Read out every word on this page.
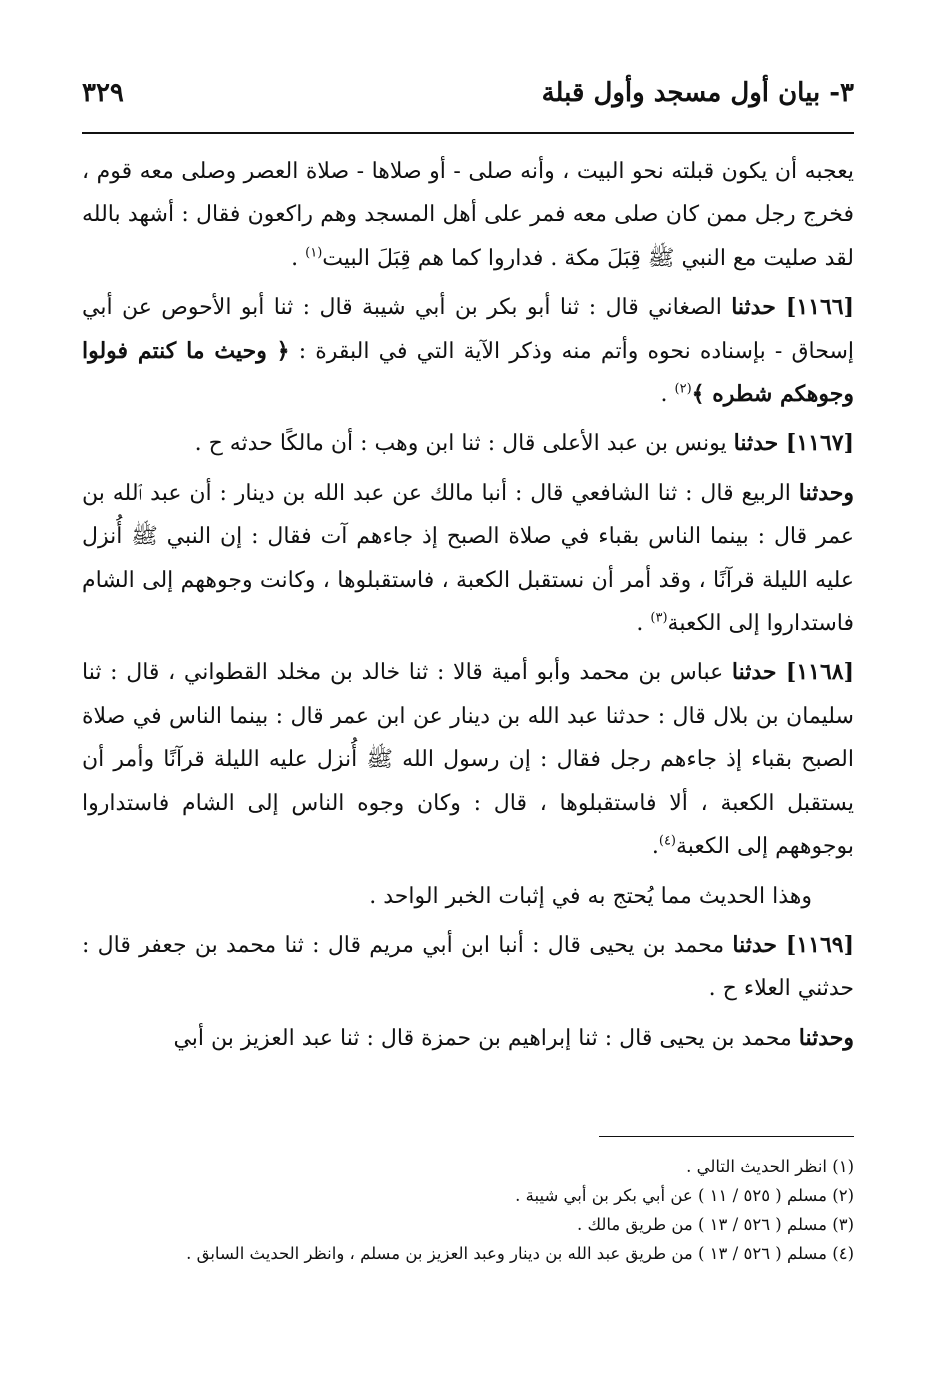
٣- بيان أول مسجد وأول قبلة
٣٢٩

يعجبه أن يكون قبلته نحو البيت ، وأنه صلى - أو صلاها - صلاة العصر وصلى معه قوم ، فخرج رجل ممن كان صلى معه فمر على أهل المسجد وهم راكعون فقال : أشهد بالله لقد صليت مع النبي ﷺ قِبَلَ مكة . فداروا كما هم قِبَلَ البيت$^{(١)}$ .

[١١٦٦] حدثنا الصغاني قال : ثنا أبو بكر بن أبي شيبة قال : ثنا أبو الأحوص عن أبي إسحاق - بإسناده نحوه وأتم منه وذكر الآية التي في البقرة : ﴿ وحيث ما كنتم فولوا وجوهكم شطره ﴾$^{(٢)}$ .

[١١٦٧] حدثنا يونس بن عبد الأعلى قال : ثنا ابن وهب : أن مالكًا حدثه ح .

وحدثنا الربيع قال : ثنا الشافعي قال : أنبا مالك عن عبد الله بن دينار : أن عبد ٱلله بن عمر قال : بينما الناس بقباء في صلاة الصبح إذ جاءهم آت فقال : إن النبي ﷺ أُنزل عليه الليلة قرآنًا ، وقد أمر أن نستقبل الكعبة ، فاستقبلوها ، وكانت وجوههم إلى الشام فاستداروا إلى الكعبة$^{(٣)}$ .

[١١٦٨] حدثنا عباس بن محمد وأبو أمية قالا : ثنا خالد بن مخلد القطواني ، قال : ثنا سليمان بن بلال قال : حدثنا عبد الله بن دينار عن ابن عمر قال : بينما الناس في صلاة الصبح بقباء إذ جاءهم رجل فقال : إن رسول الله ﷺ أُنزل عليه الليلة قرآنًا وأمر أن يستقبل الكعبة ، ألا فاستقبلوها ، قال : وكان وجوه الناس إلى الشام فاستداروا بوجوههم إلى الكعبة$^{(٤)}$.

وهذا الحديث مما يُحتج به في إثبات الخبر الواحد .

[١١٦٩] حدثنا محمد بن يحيى قال : أنبا ابن أبي مريم قال : ثنا محمد بن جعفر قال : حدثني العلاء ح .

وحدثنا محمد بن يحيى قال : ثنا إبراهيم بن حمزة قال : ثنا عبد العزيز بن أبي

(١) انظر الحديث التالي .

(٢) مسلم ( ٥٢٥ / ١١ ) عن أبي بكر بن أبي شيبة .

(٣) مسلم ( ٥٢٦ / ١٣ ) من طريق مالك .

(٤) مسلم ( ٥٢٦ / ١٣ ) من طريق عبد الله بن دينار وعبد العزيز بن مسلم ، وانظر الحديث السابق .
